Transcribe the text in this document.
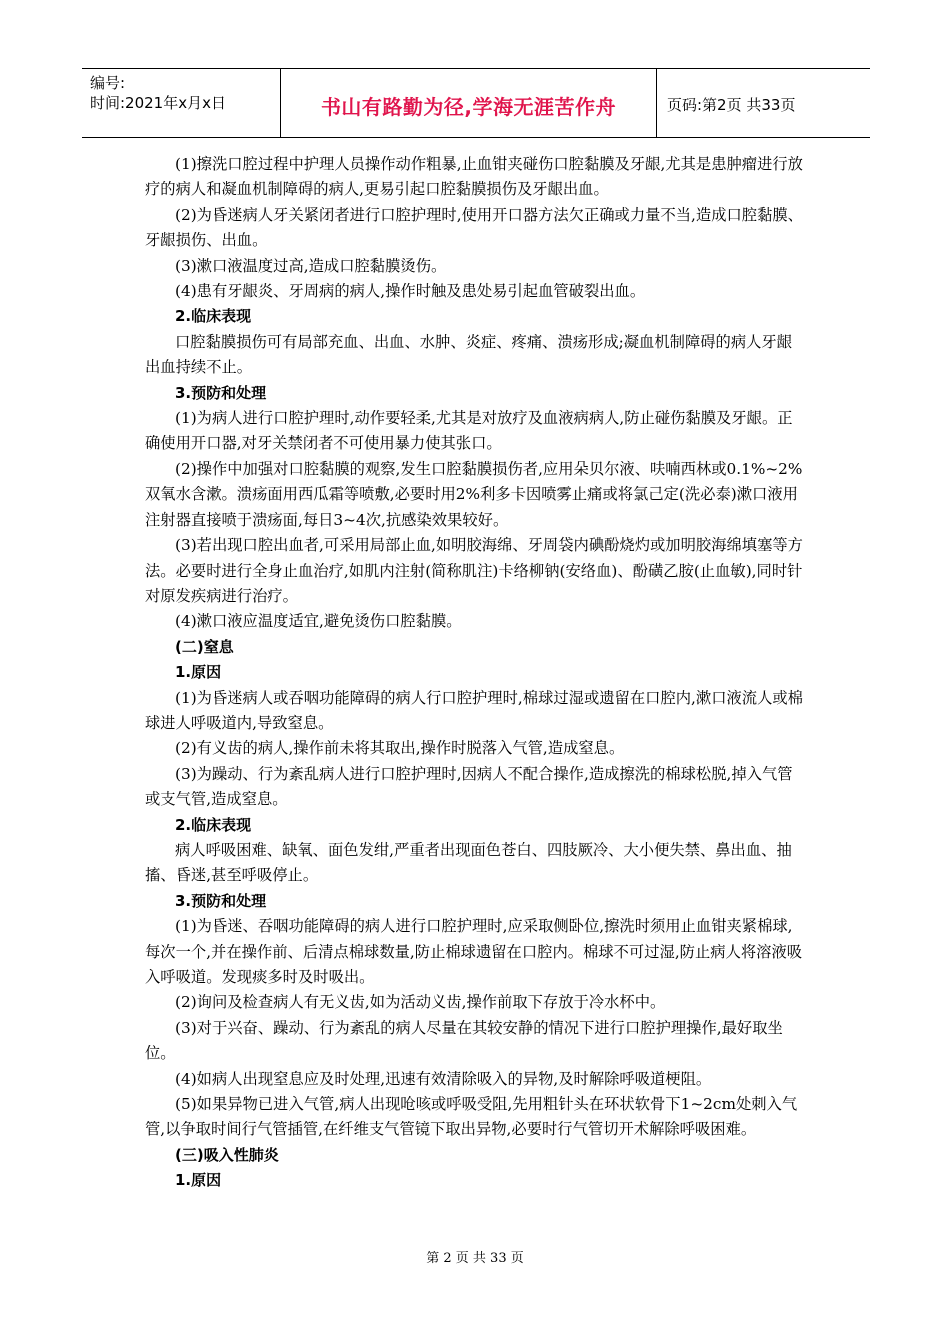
编号:
时间:2021年x月x日	书山有路勤为径,学海无涯苦作舟	页码:第2页 共33页

(1)擦洗口腔过程中护理人员操作动作粗暴,止血钳夹碰伤口腔黏膜及牙龈,尤其是患肿瘤进行放疗的病人和凝血机制障碍的病人,更易引起口腔黏膜损伤及牙龈出血。

(2)为昏迷病人牙关紧闭者进行口腔护理时,使用开口器方法欠正确或力量不当,造成口腔黏膜、牙龈损伤、出血。

(3)漱口液温度过高,造成口腔黏膜烫伤。

(4)患有牙龈炎、牙周病的病人,操作时触及患处易引起血管破裂出血。

2.临床表现

口腔黏膜损伤可有局部充血、出血、水肿、炎症、疼痛、溃疡形成;凝血机制障碍的病人牙龈出血持续不止。

3.预防和处理

(1)为病人进行口腔护理时,动作要轻柔,尤其是对放疗及血液病病人,防止碰伤黏膜及牙龈。正确使用开口器,对牙关禁闭者不可使用暴力使其张口。

(2)操作中加强对口腔黏膜的观察,发生口腔黏膜损伤者,应用朵贝尔液、呋喃西林或0.1%~2%双氧水含漱。溃疡面用西瓜霜等喷敷,必要时用2%利多卡因喷雾止痛或将氯己定(洗必泰)漱口液用注射器直接喷于溃疡面,每日3~4次,抗感染效果较好。

(3)若出现口腔出血者,可采用局部止血,如明胶海绵、牙周袋内碘酚烧灼或加明胶海绵填塞等方法。必要时进行全身止血治疗,如肌内注射(简称肌注)卡络柳钠(安络血)、酚磺乙胺(止血敏),同时针对原发疾病进行治疗。

(4)漱口液应温度适宜,避免烫伤口腔黏膜。

(二)窒息

1.原因

(1)为昏迷病人或吞咽功能障碍的病人行口腔护理时,棉球过湿或遗留在口腔内,漱口液流人或棉球进人呼吸道内,导致窒息。

(2)有义齿的病人,操作前未将其取出,操作时脱落入气管,造成窒息。

(3)为躁动、行为紊乱病人进行口腔护理时,因病人不配合操作,造成擦洗的棉球松脱,掉入气管或支气管,造成窒息。

2.临床表现

病人呼吸困难、缺氧、面色发绀,严重者出现面色苍白、四肢厥冷、大小便失禁、鼻出血、抽搐、昏迷,甚至呼吸停止。

3.预防和处理

(1)为昏迷、吞咽功能障碍的病人进行口腔护理时,应采取侧卧位,擦洗时须用止血钳夹紧棉球,每次一个,并在操作前、后清点棉球数量,防止棉球遗留在口腔内。棉球不可过湿,防止病人将溶液吸入呼吸道。发现痰多时及时吸出。

(2)询问及检查病人有无义齿,如为活动义齿,操作前取下存放于冷水杯中。

(3)对于兴奋、躁动、行为紊乱的病人尽量在其较安静的情况下进行口腔护理操作,最好取坐位。

(4)如病人出现窒息应及时处理,迅速有效清除吸入的异物,及时解除呼吸道梗阻。

(5)如果异物已进入气管,病人出现呛咳或呼吸受阻,先用粗针头在环状软骨下1~2cm处刺入气管,以争取时间行气管插管,在纤维支气管镜下取出异物,必要时行气管切开术解除呼吸困难。

(三)吸入性肺炎

1.原因

第 2 页 共 33 页
